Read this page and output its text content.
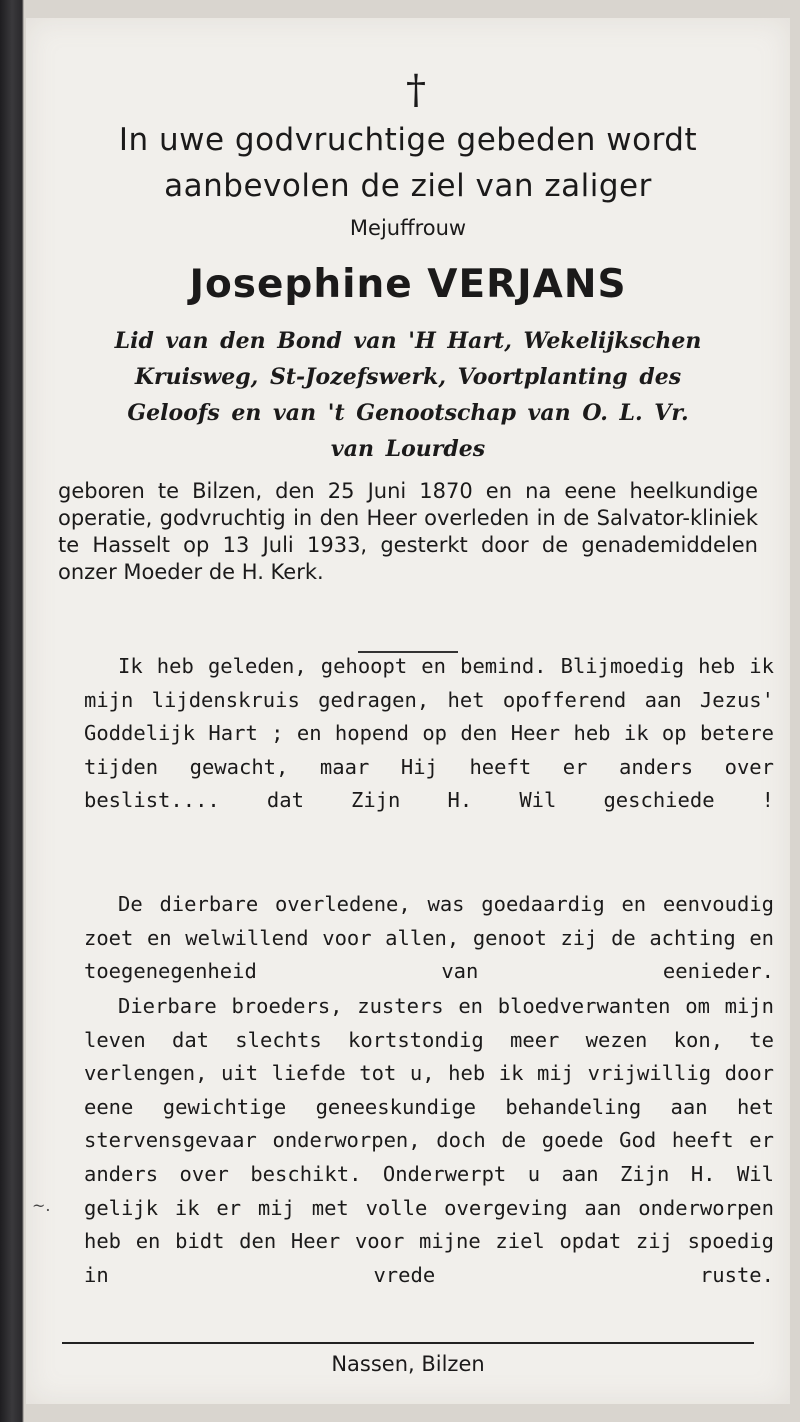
†
In uwe godvruchtige gebeden wordt
aanbevolen de ziel van zaliger
Mejuffrouw
Josephine VERJANS
Lid van den Bond van 'H Hart, Wekelijkschen
Kruisweg, St-Jozefswerk, Voortplanting des
Geloofs en van 't Genootschap van O. L. Vr.
van Lourdes
geboren te Bilzen, den 25 Juni 1870 en na eene heelkundige operatie, godvruchtig in den Heer overleden in de Salvator-kliniek te Hasselt op 13 Juli 1933, gesterkt door de genademiddelen onzer Moeder de H. Kerk.
Ik heb geleden, gehoopt en bemind. Blijmoedig heb ik mijn lijdenskruis gedragen, het opofferend aan Jezus' Goddelijk Hart ; en hopend op den Heer heb ik op betere tijden gewacht, maar Hij heeft er anders over beslist.... dat Zijn H. Wil geschiede !
De dierbare overledene, was goedaardig en eenvoudig zoet en welwillend voor allen, genoot zij de achting en toegenegenheid van eenieder.
Dierbare broeders, zusters en bloedverwanten om mijn leven dat slechts kortstondig meer wezen kon, te verlengen, uit liefde tot u, heb ik mij vrijwillig door eene gewichtige geneeskundige behandeling aan het stervensgevaar onderworpen, doch de goede God heeft er anders over beschikt. Onderwerpt u aan Zijn H. Wil gelijk ik er mij met volle overgeving aan onderworpen heb en bidt den Heer voor mijne ziel opdat zij spoedig in vrede ruste.
~.
Nassen, Bilzen
